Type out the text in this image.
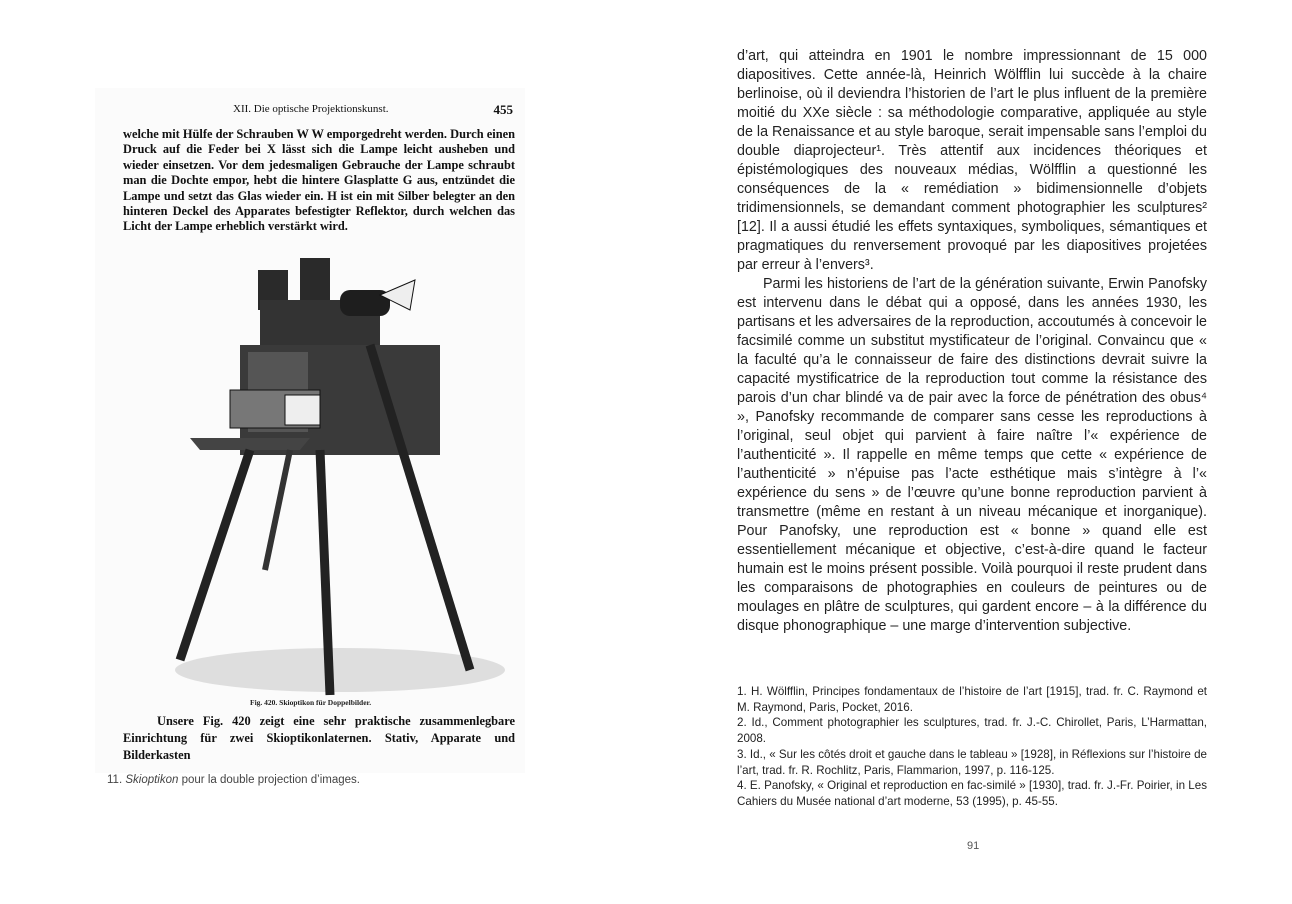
XII. Die optische Projektionskunst.	455
welche mit Hülfe der Schrauben W W emporgedreht werden. Durch einen Druck auf die Feder bei X lässt sich die Lampe leicht ausheben und wieder einsetzen. Vor dem jedesmaligen Gebrauche der Lampe schraubt man die Dochte empor, hebt die hintere Glasplatte G aus, entzündet die Lampe und setzt das Glas wieder ein. H ist ein mit Silber belegter an den hinteren Deckel des Apparates befestigter Reflektor, durch welchen das Licht der Lampe erheblich verstärkt wird.
Fig. 420. Skioptikon für Doppelbilder.
Unsere Fig. 420 zeigt eine sehr praktische zusammenlegbare Einrichtung für zwei Skioptikonlaternen. Stativ, Apparate und Bilderkasten
11. Skioptikon pour la double projection d’images.

d’art, qui atteindra en 1901 le nombre impressionnant de 15 000 diapositives. Cette année-là, Heinrich Wölfflin lui succède à la chaire berlinoise, où il deviendra l’historien de l’art le plus influent de la première moitié du XXe siècle : sa méthodologie comparative, appliquée au style de la Renaissance et au style baroque, serait impensable sans l’emploi du double diaprojecteur¹. Très attentif aux incidences théoriques et épistémologiques des nouveaux médias, Wölfflin a questionné les conséquences de la « remédiation » bidimensionnelle d’objets tridimensionnels, se demandant comment photographier les sculptures² [12]. Il a aussi étudié les effets syntaxiques, symboliques, sémantiques et pragmatiques du renversement provoqué par les diapositives projetées par erreur à l’envers³.

Parmi les historiens de l’art de la génération suivante, Erwin Panofsky est intervenu dans le débat qui a opposé, dans les années 1930, les partisans et les adversaires de la reproduction, accoutumés à concevoir le facsimilé comme un substitut mystificateur de l’original. Convaincu que « la faculté qu’a le connaisseur de faire des distinctions devrait suivre la capacité mystificatrice de la reproduction tout comme la résistance des parois d’un char blindé va de pair avec la force de pénétration des obus⁴ », Panofsky recommande de comparer sans cesse les reproductions à l’original, seul objet qui parvient à faire naître l’« expérience de l’authenticité ». Il rappelle en même temps que cette « expérience de l’authenticité » n’épuise pas l’acte esthétique mais s’intègre à l’« expérience du sens » de l’œuvre qu’une bonne reproduction parvient à transmettre (même en restant à un niveau mécanique et inorganique). Pour Panofsky, une reproduction est « bonne » quand elle est essentiellement mécanique et objective, c’est-à-dire quand le facteur humain est le moins présent possible. Voilà pourquoi il reste prudent dans les comparaisons de photographies en couleurs de peintures ou de moulages en plâtre de sculptures, qui gardent encore – à la différence du disque phonographique – une marge d’intervention subjective.

1. H. Wölfflin, Principes fondamentaux de l’histoire de l’art [1915], trad. fr. C. Raymond et M. Raymond, Paris, Pocket, 2016.
2. Id., Comment photographier les sculptures, trad. fr. J.-C. Chirollet, Paris, L’Harmattan, 2008.
3. Id., « Sur les côtés droit et gauche dans le tableau » [1928], in Réflexions sur l’histoire de l’art, trad. fr. R. Rochlitz, Paris, Flammarion, 1997, p. 116-125.
4. E. Panofsky, « Original et reproduction en fac-similé » [1930], trad. fr. J.-Fr. Poirier, in Les Cahiers du Musée national d’art moderne, 53 (1995), p. 45-55.
91
